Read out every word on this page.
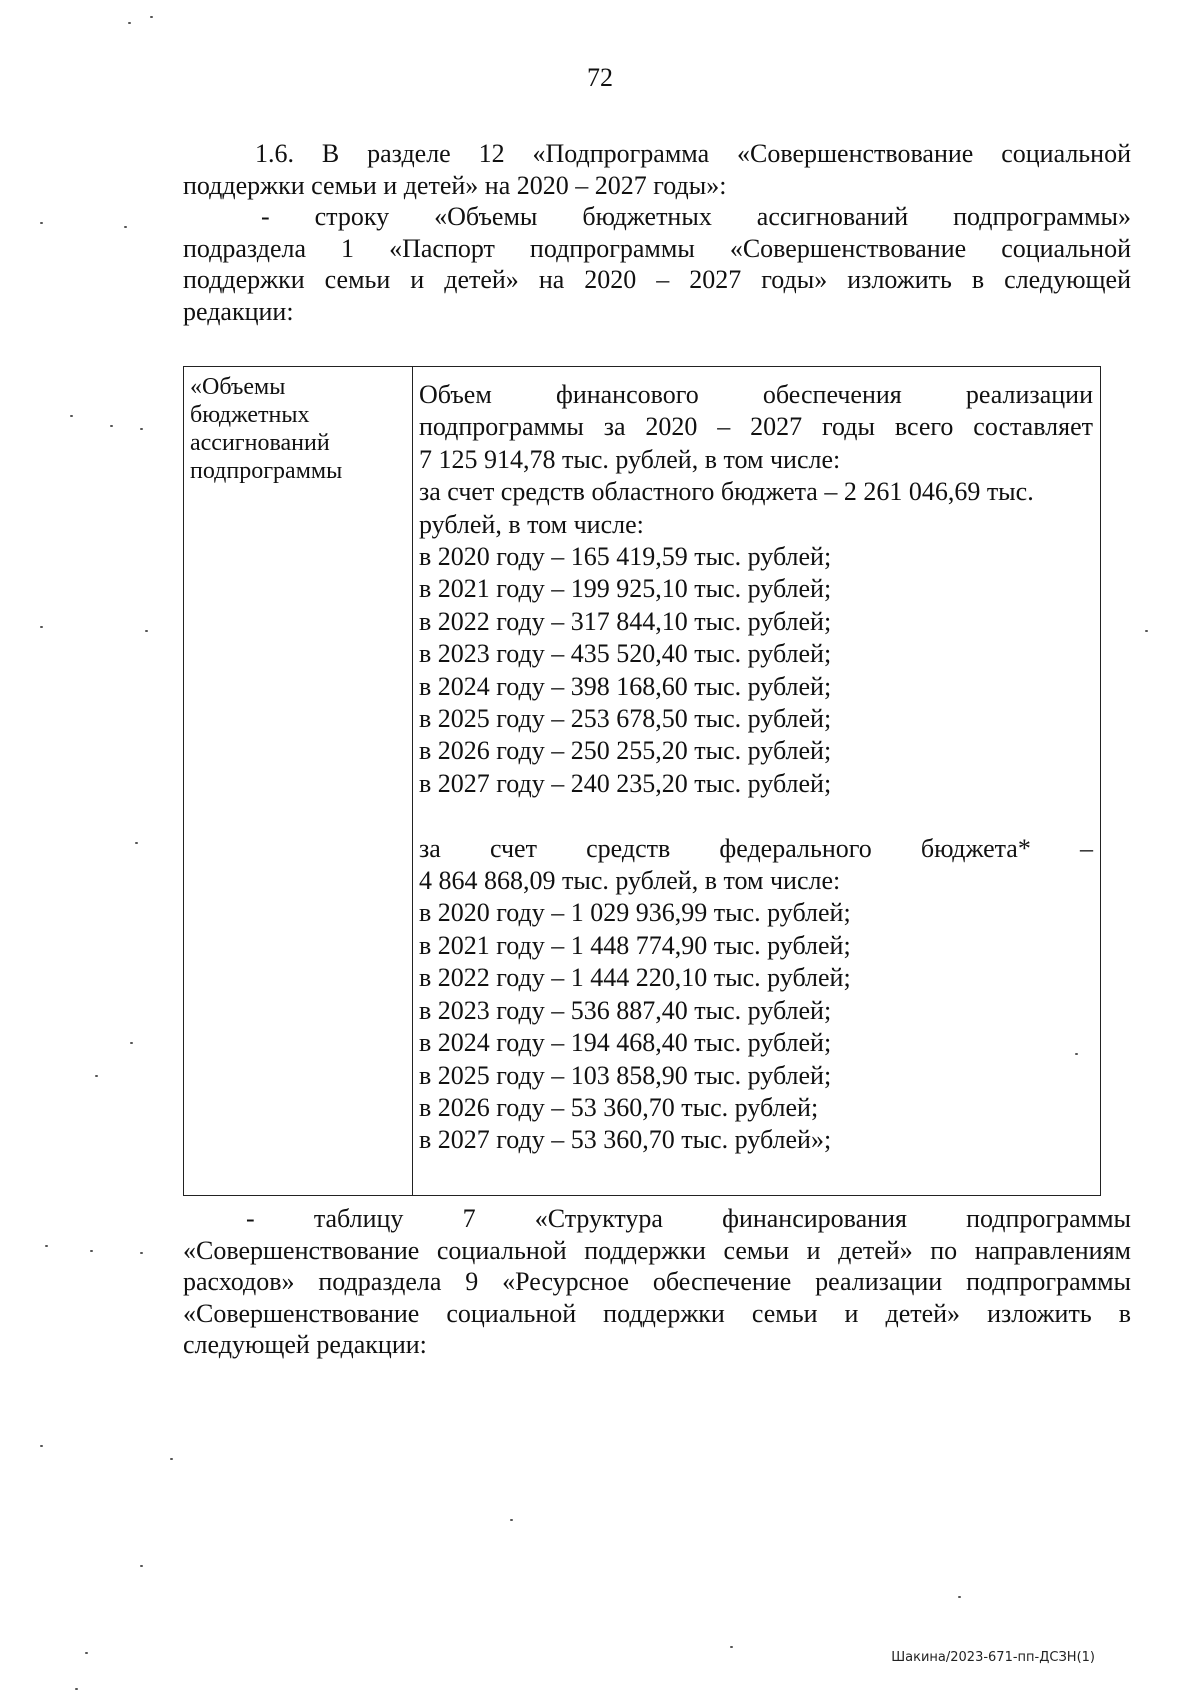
72
1.6. В разделе 12 «Подпрограмма «Совершенствование социальной
поддержки семьи и детей» на 2020 – 2027 годы»:
- строку «Объемы бюджетных ассигнований подпрограммы»
подраздела 1 «Паспорт подпрограммы «Совершенствование социальной
поддержки семьи и детей» на 2020 – 2027 годы» изложить в следующей
редакции:
«Объемы бюджетных ассигнований подпрограммы
Объем финансового обеспечения реализации
подпрограммы за 2020 – 2027 годы всего составляет
7 125 914,78 тыс. рублей, в том числе:
за счет средств областного бюджета – 2 261 046,69 тыс.
рублей, в том числе:
в 2020 году – 165 419,59 тыс. рублей;
в 2021 году – 199 925,10 тыс. рублей;
в 2022 году – 317 844,10 тыс. рублей;
в 2023 году – 435 520,40 тыс. рублей;
в 2024 году – 398 168,60 тыс. рублей;
в 2025 году – 253 678,50 тыс. рублей;
в 2026 году – 250 255,20 тыс. рублей;
в 2027 году – 240 235,20 тыс. рублей;
за счет средств федерального бюджета* –
4 864 868,09 тыс. рублей, в том числе:
в 2020 году – 1 029 936,99 тыс. рублей;
в 2021 году – 1 448 774,90 тыс. рублей;
в 2022 году – 1 444 220,10 тыс. рублей;
в 2023 году – 536 887,40 тыс. рублей;
в 2024 году – 194 468,40 тыс. рублей;
в 2025 году – 103 858,90 тыс. рублей;
в 2026 году – 53 360,70 тыс. рублей;
в 2027 году – 53 360,70 тыс. рублей»;
- таблицу 7 «Структура финансирования подпрограммы
«Совершенствование социальной поддержки семьи и детей» по направлениям
расходов» подраздела 9 «Ресурсное обеспечение реализации подпрограммы
«Совершенствование социальной поддержки семьи и детей» изложить в
следующей редакции:
Шакина/2023-671-пп-ДСЗН(1)
